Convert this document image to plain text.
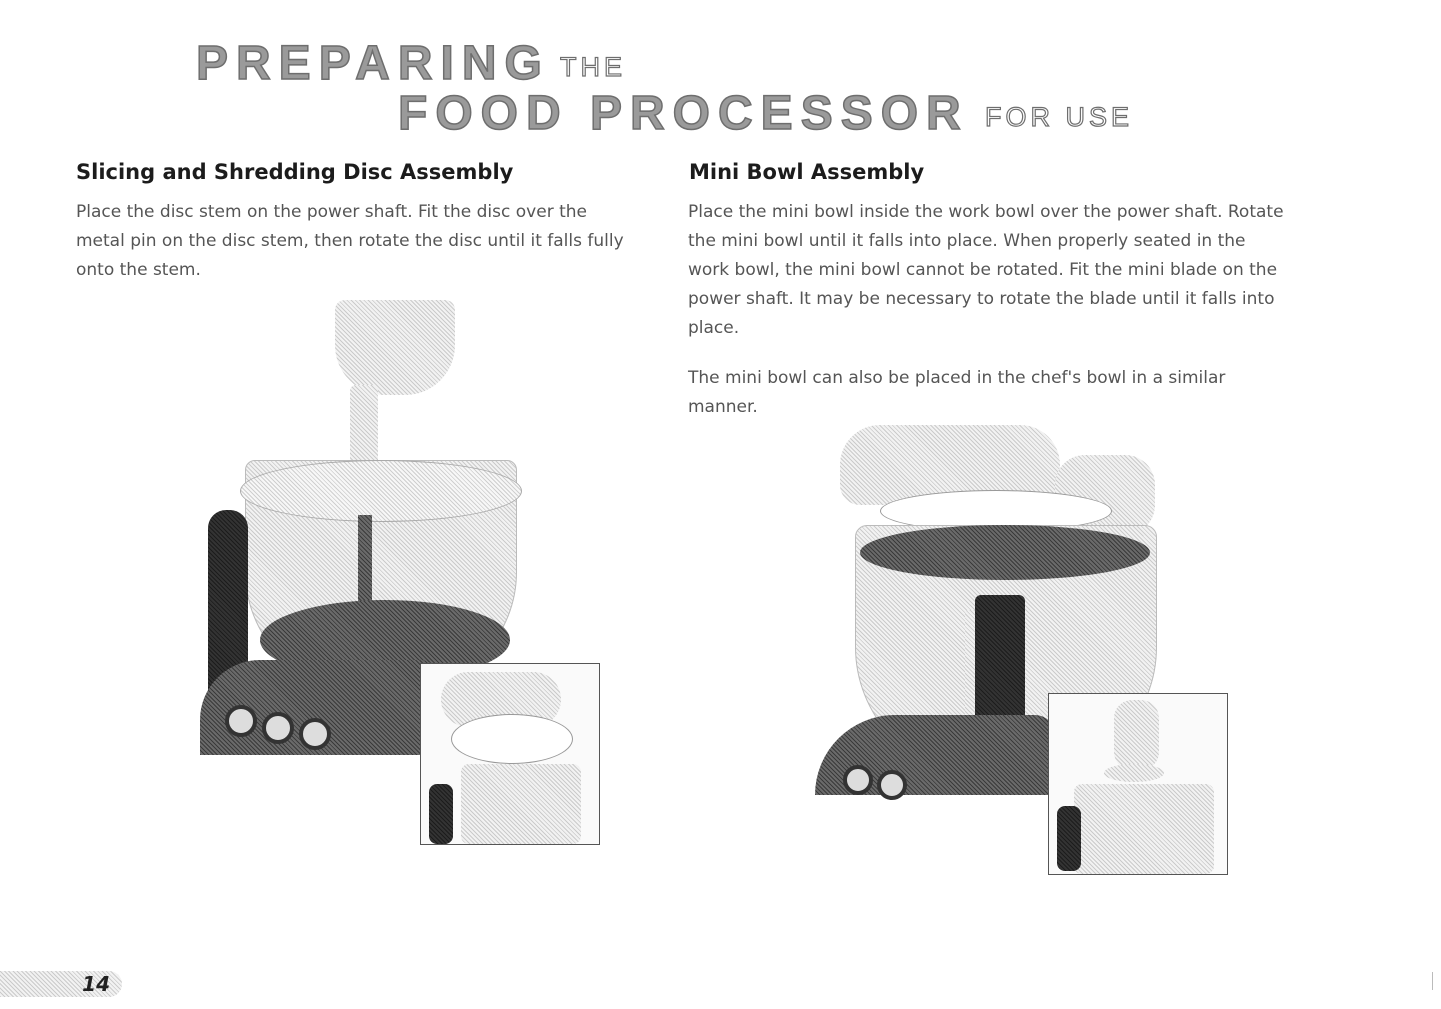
PREPARING THE
FOOD PROCESSOR FOR USE
Slicing and Shredding Disc Assembly

Place the disc stem on the power shaft. Fit the disc over the metal pin on the disc stem, then rotate the disc until it falls fully onto the stem.

Mini Bowl Assembly

Place the mini bowl inside the work bowl over the power shaft. Rotate the mini bowl until it falls into place. When properly seated in the work bowl, the mini bowl cannot be rotated. Fit the mini blade on the power shaft. It may be necessary to rotate the blade until it falls into place.

The mini bowl can also be placed in the chef's bowl in a similar manner.

14
